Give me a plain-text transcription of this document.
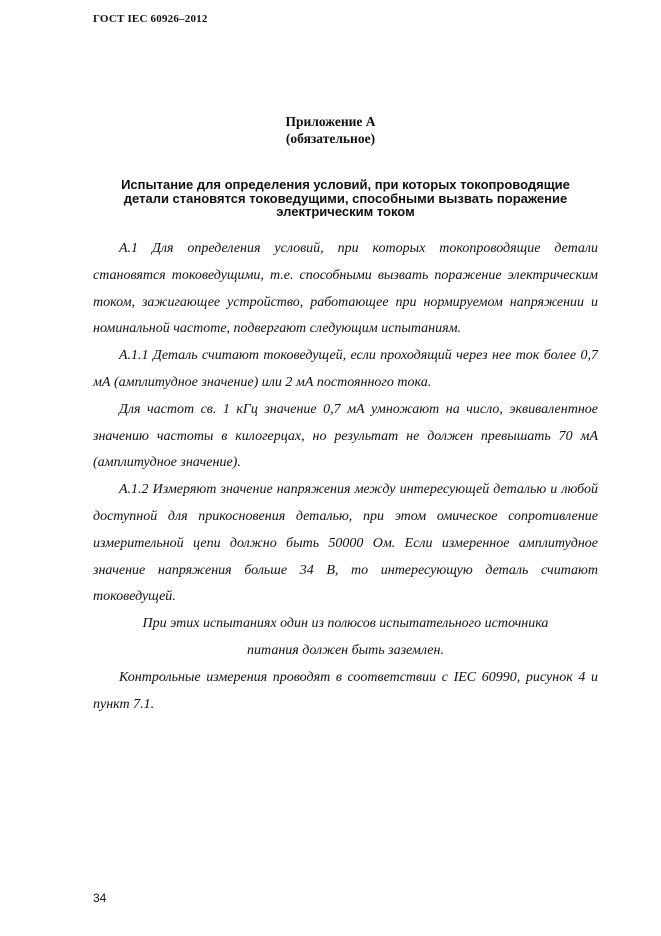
ГОСТ IEC 60926–2012
Приложение А
(обязательное)
Испытание для определения условий, при которых токопроводящие
детали становятся токоведущими, способными вызвать поражение
электрическим током

А.1 Для определения условий, при которых токопроводящие детали становятся токоведущими, т.е. способными вызвать поражение электрическим током, зажигающее устройство, работающее при нормируемом напряжении и номинальной частоте, подвергают следующим испытаниям.

А.1.1 Деталь считают токоведущей, если проходящий через нее ток более 0,7 мА (амплитудное значение) или 2 мА постоянного тока.

Для частот св. 1 кГц значение 0,7 мА умножают на число, эквивалентное значению частоты в килогерцах, но результат не должен превышать 70 мА (амплитудное значение).

А.1.2 Измеряют значение напряжения между интересующей деталью и любой доступной для прикосновения деталью, при этом омическое сопротивление измерительной цепи должно быть 50000 Ом. Если измеренное амплитудное значение напряжения больше 34 В, то интересующую деталь считают токоведущей.

При этих испытаниях один из полюсов испытательного источника

питания должен быть заземлен.

Контрольные измерения проводят в соответствии с IEC 60990, рисунок 4 и пункт 7.1.

34
